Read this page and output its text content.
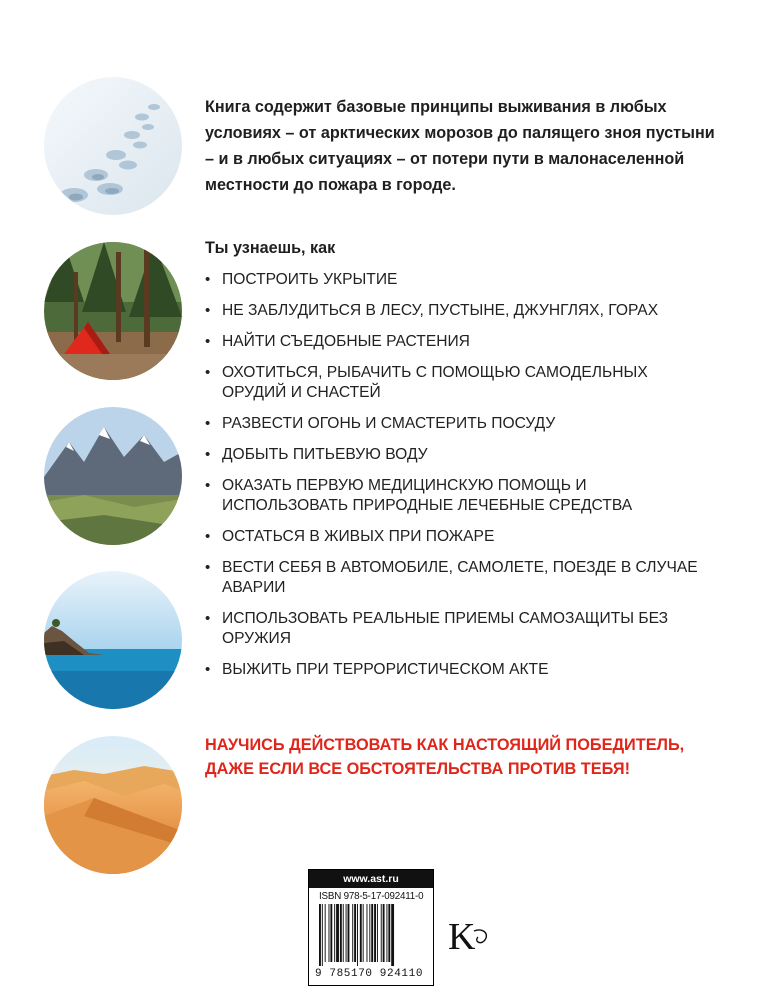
Книга содержит базовые принципы выживания в любых условиях – от арктических морозов до палящего зноя пустыни – и в любых ситуациях – от потери пути в малонаселенной местности до пожара в городе.
Ты узнаешь, как
• ПОСТРОИТЬ УКРЫТИЕ
• НЕ ЗАБЛУДИТЬСЯ В ЛЕСУ, ПУСТЫНЕ, ДЖУНГЛЯХ, ГОРАХ
• НАЙТИ СЪЕДОБНЫЕ РАСТЕНИЯ
• ОХОТИТЬСЯ, РЫБАЧИТЬ С ПОМОЩЬЮ САМОДЕЛЬНЫХ ОРУДИЙ И СНАСТЕЙ
• РАЗВЕСТИ ОГОНЬ И СМАСТЕРИТЬ ПОСУДУ
• ДОБЫТЬ ПИТЬЕВУЮ ВОДУ
• ОКАЗАТЬ ПЕРВУЮ МЕДИЦИНСКУЮ ПОМОЩЬ И ИСПОЛЬЗОВАТЬ ПРИРОДНЫЕ ЛЕЧЕБНЫЕ СРЕДСТВА
• ОСТАТЬСЯ В ЖИВЫХ ПРИ ПОЖАРЕ
• ВЕСТИ СЕБЯ В АВТОМОБИЛЕ, САМОЛЕТЕ, ПОЕЗДЕ В СЛУЧАЕ АВАРИИ
• ИСПОЛЬЗОВАТЬ РЕАЛЬНЫЕ ПРИЕМЫ САМОЗАЩИТЫ БЕЗ ОРУЖИЯ
• ВЫЖИТЬ ПРИ ТЕРРОРИСТИЧЕСКОМ АКТЕ
НАУЧИСЬ ДЕЙСТВОВАТЬ КАК НАСТОЯЩИЙ ПОБЕДИТЕЛЬ, ДАЖЕ ЕСЛИ ВСЕ ОБСТОЯТЕЛЬСТВА ПРОТИВ ТЕБЯ!
www.ast.ru
ISBN 978-5-17-092411-0
9 785170 924110
K
